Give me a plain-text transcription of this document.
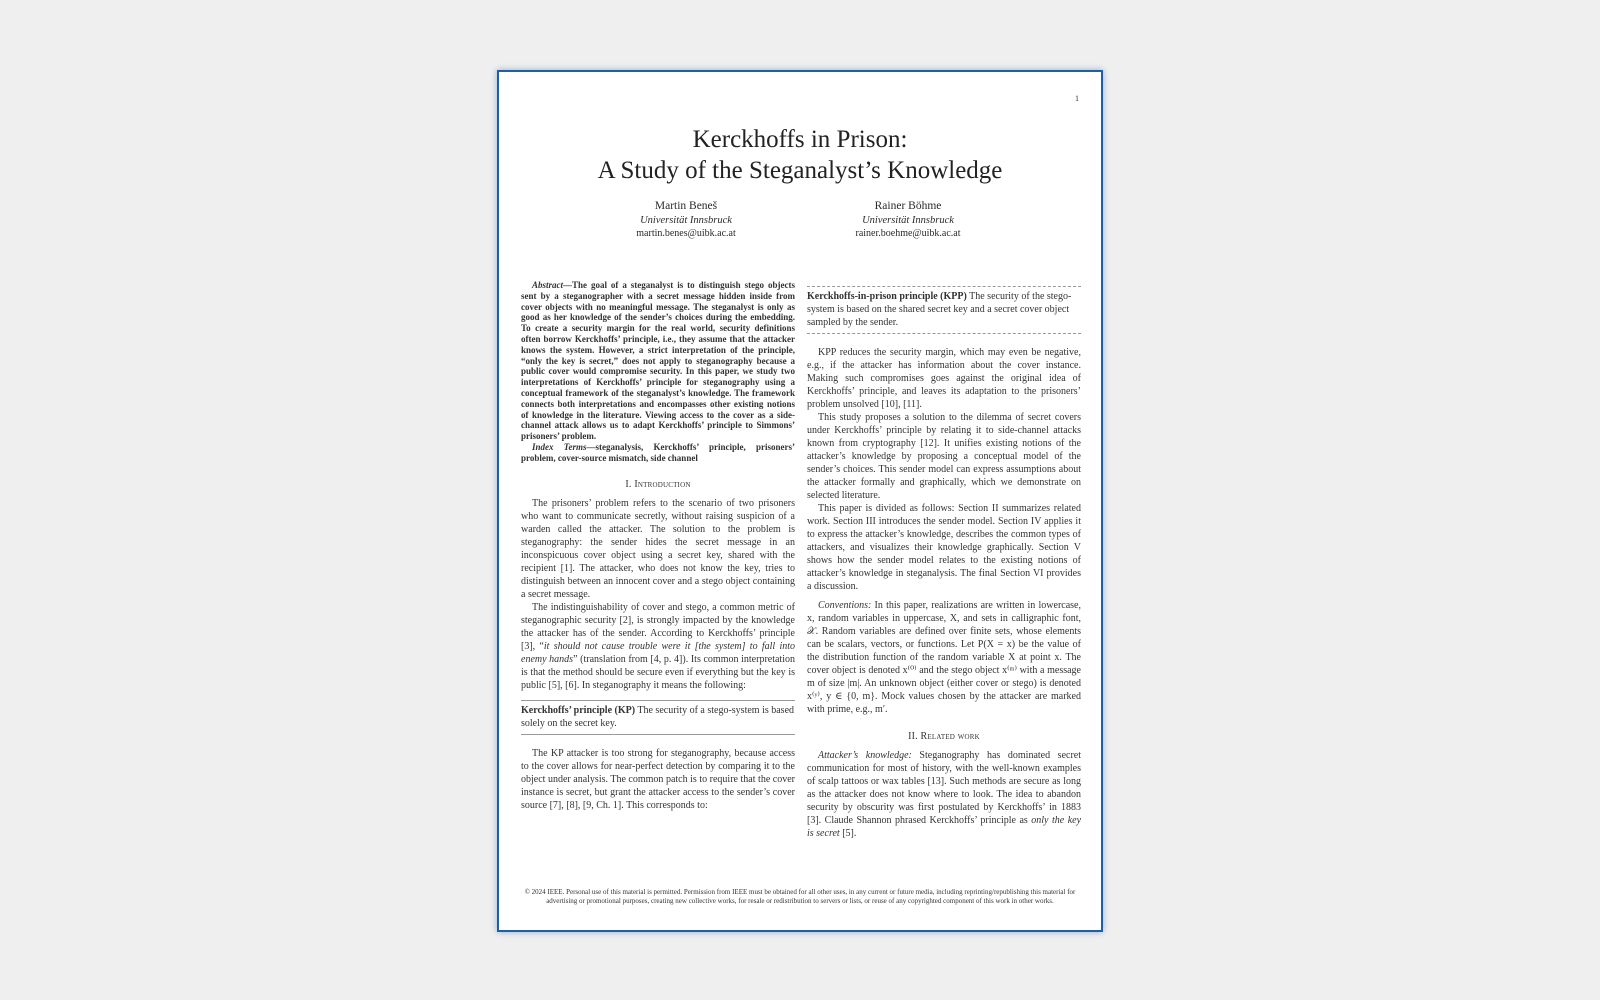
1
Kerckhoffs in Prison:
A Study of the Steganalyst’s Knowledge
Martin Beneš
Universität Innsbruck
martin.benes@uibk.ac.at
Rainer Böhme
Universität Innsbruck
rainer.boehme@uibk.ac.at

Abstract—The goal of a steganalyst is to distinguish stego objects sent by a steganographer with a secret message hidden inside from cover objects with no meaningful message. The steganalyst is only as good as her knowledge of the sender’s choices during the embedding. To create a security margin for the real world, security definitions often borrow Kerckhoffs’ principle, i.e., they assume that the attacker knows the system. However, a strict interpretation of the principle, “only the key is secret,” does not apply to steganography because a public cover would compromise security. In this paper, we study two interpretations of Kerckhoffs’ principle for steganography using a conceptual framework of the steganalyst’s knowledge. The framework connects both interpretations and encompasses other existing notions of knowledge in the literature. Viewing access to the cover as a side-channel attack allows us to adapt Kerckhoffs’ principle to Simmons’ prisoners’ problem.

Index Terms—steganalysis, Kerckhoffs’ principle, prisoners’ problem, cover-source mismatch, side channel

I. Introduction

The prisoners’ problem refers to the scenario of two prisoners who want to communicate secretly, without raising suspicion of a warden called the attacker. The solution to the problem is steganography: the sender hides the secret message in an inconspicuous cover object using a secret key, shared with the recipient [1]. The attacker, who does not know the key, tries to distinguish between an innocent cover and a stego object containing a secret message.

The indistinguishability of cover and stego, a common metric of steganographic security [2], is strongly impacted by the knowledge the attacker has of the sender. According to Kerckhoffs’ principle [3], “it should not cause trouble were it [the system] to fall into enemy hands” (translation from [4, p. 4]). Its common interpretation is that the method should be secure even if everything but the key is public [5], [6]. In steganography it means the following:

Kerckhoffs’ principle (KP) The security of a stego-system is based solely on the secret key.

The KP attacker is too strong for steganography, because access to the cover allows for near-perfect detection by comparing it to the object under analysis. The common patch is to require that the cover instance is secret, but grant the attacker access to the sender’s cover source [7], [8], [9, Ch. 1]. This corresponds to:

Kerckhoffs-in-prison principle (KPP) The security of the stego-system is based on the shared secret key and a secret cover object sampled by the sender.

KPP reduces the security margin, which may even be negative, e.g., if the attacker has information about the cover instance. Making such compromises goes against the original idea of Kerckhoffs’ principle, and leaves its adaptation to the prisoners’ problem unsolved [10], [11].

This study proposes a solution to the dilemma of secret covers under Kerckhoffs’ principle by relating it to side-channel attacks known from cryptography [12]. It unifies existing notions of the attacker’s knowledge by proposing a conceptual model of the sender’s choices. This sender model can express assumptions about the attacker formally and graphically, which we demonstrate on selected literature.

This paper is divided as follows: Section II summarizes related work. Section III introduces the sender model. Section IV applies it to express the attacker’s knowledge, describes the common types of attackers, and visualizes their knowledge graphically. Section V shows how the sender model relates to the existing notions of attacker’s knowledge in steganalysis. The final Section VI provides a discussion.

Conventions: In this paper, realizations are written in lowercase, x, random variables in uppercase, X, and sets in calligraphic font, 𝒳. Random variables are defined over finite sets, whose elements can be scalars, vectors, or functions. Let P(X = x) be the value of the distribution function of the random variable X at point x. The cover object is denoted x⁽⁰⁾ and the stego object x⁽ᵐ⁾ with a message m of size |m|. An unknown object (either cover or stego) is denoted x⁽ʸ⁾, y ∈ {0, m}. Mock values chosen by the attacker are marked with prime, e.g., m′.

II. Related work

Attacker’s knowledge: Steganography has dominated secret communication for most of history, with the well-known examples of scalp tattoos or wax tables [13]. Such methods are secure as long as the attacker does not know where to look. The idea to abandon security by obscurity was first postulated by Kerckhoffs’ in 1883 [3]. Claude Shannon phrased Kerckhoffs’ principle as only the key is secret [5].

© 2024 IEEE. Personal use of this material is permitted. Permission from IEEE must be obtained for all other uses, in any current or future media, including reprinting/republishing this material for advertising or promotional purposes, creating new collective works, for resale or redistribution to servers or lists, or reuse of any copyrighted component of this work in other works.
